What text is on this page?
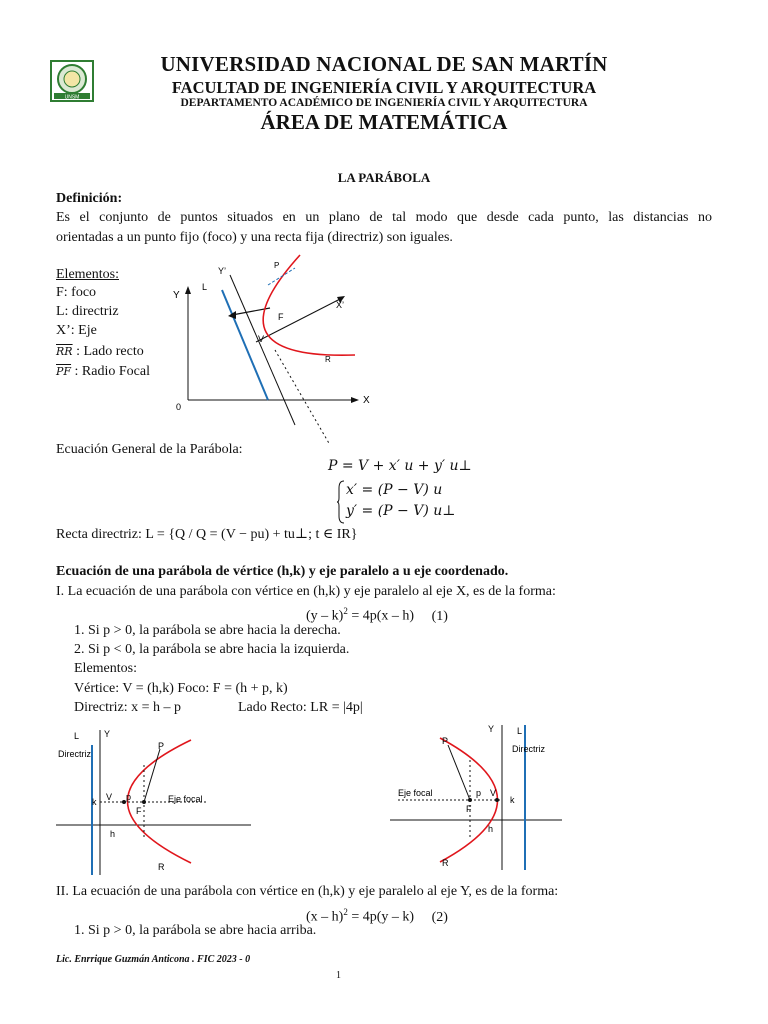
UNSM
UNIVERSIDAD NACIONAL DE SAN MARTÍN
FACULTAD DE INGENIERÍA CIVIL Y ARQUITECTURA
DEPARTAMENTO ACADÉMICO DE INGENIERÍA CIVIL Y ARQUITECTURA
ÁREA DE MATEMÁTICA
LA PARÁBOLA
Definición:
Es el conjunto de puntos situados en un plano de tal modo que desde cada punto, las distancias no
orientadas a un punto fijo (foco) y una recta fija (directriz) son iguales.
Elementos:
F: foco
L: directriz
X’: Eje
$\overline{RR}$ : Lado recto
$\overline{PF}$ : Radio Focal
Y
X
0
L
Y’
X’
P
V
F
R
Ecuación General de la Parábola:
P = V + x′ u + y′ u⊥
x′ = (P − V) u
y′ = (P − V) u⊥
Recta directriz: L = {Q / Q = (V − pu) + tu⊥; t ∈ IR}
Ecuación de una parábola de vértice (h,k) y eje paralelo a u eje coordenado.
I. La ecuación de una parábola con vértice en (h,k) y eje paralelo al eje X, es de la forma:
(y – k)$^2$ = 4p(x – h) (1)
1. Si p > 0, la parábola se abre hacia la derecha.
2. Si p < 0, la parábola se abre hacia la izquierda.
Elementos:
Vértice: V = (h,k) Foco: F = (h + p, k)
Directriz: x = h – p	Lado Recto: LR = |4p|
Y
L
Directriz
k V p
F
Eje focal
P
R
h
Y	L
Directriz
k
V
p
F
Eje focal
P
R
h
II. La ecuación de una parábola con vértice en (h,k) y eje paralelo al eje Y, es de la forma:
(x – h)$^2$ = 4p(y – k) (2)
1. Si p > 0, la parábola se abre hacia arriba.
Lic. Enrrique Guzmán Anticona . FIC 2023 - 0
1
